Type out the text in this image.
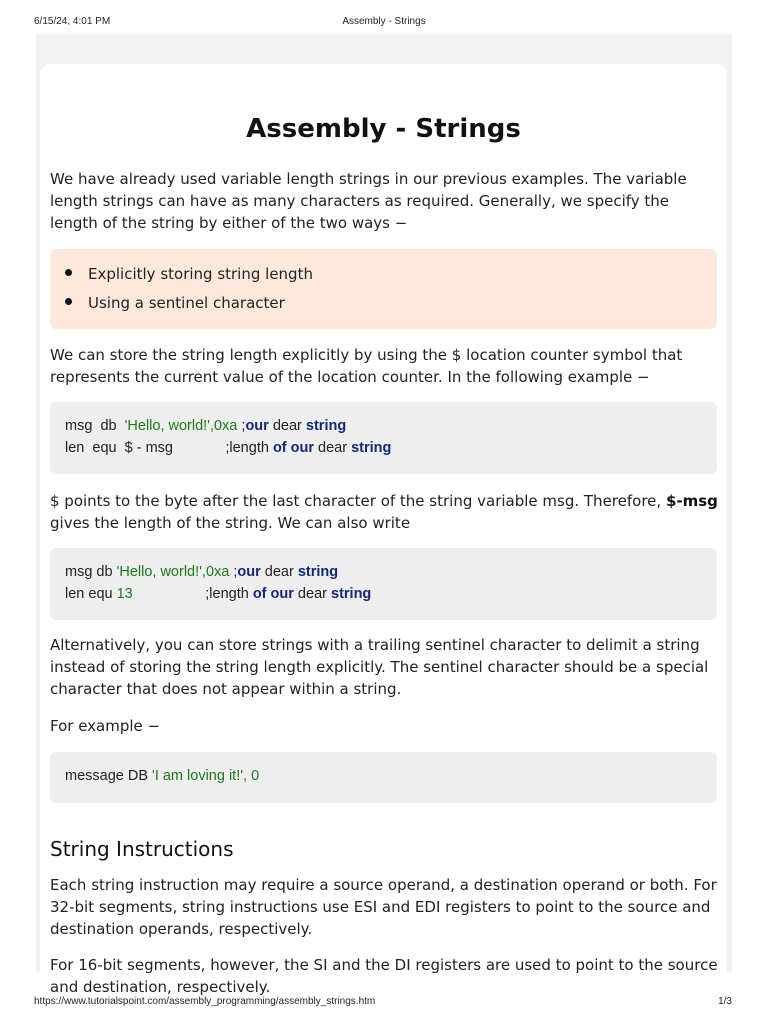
6/15/24, 4:01 PM	Assembly - Strings
Assembly - Strings

We have already used variable length strings in our previous examples. The variable length strings can have as many characters as required. Generally, we specify the length of the string by either of the two ways −

Explicitly storing string length
Using a sentinel character

We can store the string length explicitly by using the $ location counter symbol that represents the current value of the location counter. In the following example −

msg  db  'Hello, world!',0xa ;our dear string
len  equ  $ - msg             ;length of our dear string

$ points to the byte after the last character of the string variable msg. Therefore, $-msg gives the length of the string. We can also write

msg db 'Hello, world!',0xa ;our dear string
len equ 13                  ;length of our dear string

Alternatively, you can store strings with a trailing sentinel character to delimit a string instead of storing the string length explicitly. The sentinel character should be a special character that does not appear within a string.

For example −

message DB 'I am loving it!', 0
String Instructions

Each string instruction may require a source operand, a destination operand or both. For 32-bit segments, string instructions use ESI and EDI registers to point to the source and destination operands, respectively.

For 16-bit segments, however, the SI and the DI registers are used to point to the source and destination, respectively.

https://www.tutorialspoint.com/assembly_programming/assembly_strings.htm	1/3
